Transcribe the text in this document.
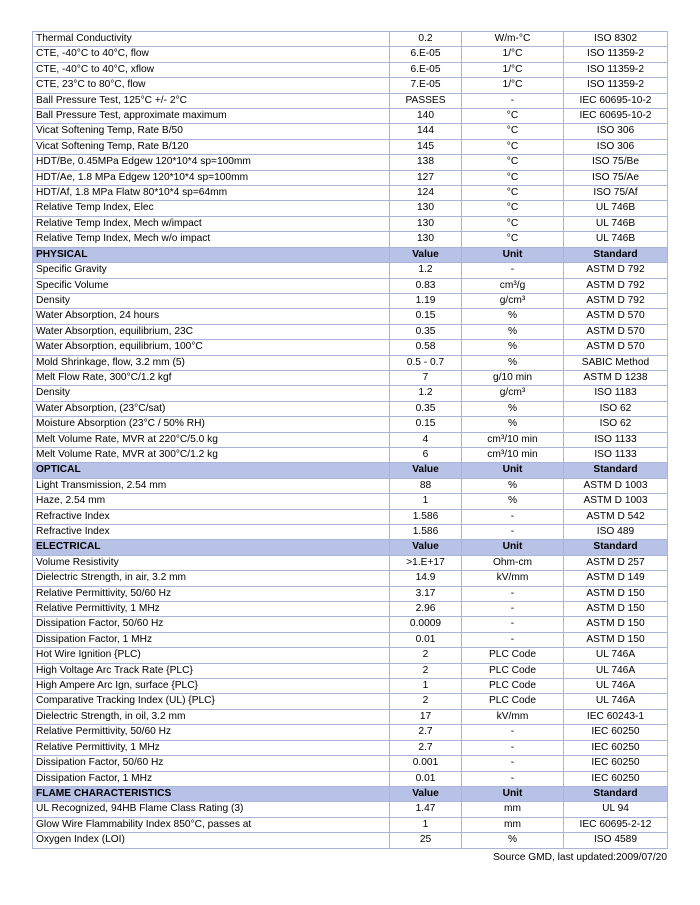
Thermal Conductivity	0.2	W/m-°C	ISO 8302
CTE, -40°C to 40°C, flow	6.E-05	1/°C	ISO 11359-2
CTE, -40°C to 40°C, xflow	6.E-05	1/°C	ISO 11359-2
CTE, 23°C to 80°C, flow	7.E-05	1/°C	ISO 11359-2
Ball Pressure Test, 125°C +/- 2°C	PASSES	-	IEC 60695-10-2
Ball Pressure Test, approximate maximum	140	°C	IEC 60695-10-2
Vicat Softening Temp, Rate B/50	144	°C	ISO 306
Vicat Softening Temp, Rate B/120	145	°C	ISO 306
HDT/Be, 0.45MPa Edgew 120*10*4 sp=100mm	138	°C	ISO 75/Be
HDT/Ae, 1.8 MPa Edgew 120*10*4 sp=100mm	127	°C	ISO 75/Ae
HDT/Af, 1.8 MPa Flatw 80*10*4 sp=64mm	124	°C	ISO 75/Af
Relative Temp Index, Elec	130	°C	UL 746B
Relative Temp Index, Mech w/impact	130	°C	UL 746B
Relative Temp Index, Mech w/o impact	130	°C	UL 746B
PHYSICAL	Value	Unit	Standard
Specific Gravity	1.2	-	ASTM D 792
Specific Volume	0.83	cm³/g	ASTM D 792
Density	1.19	g/cm³	ASTM D 792
Water Absorption, 24 hours	0.15	%	ASTM D 570
Water Absorption, equilibrium, 23C	0.35	%	ASTM D 570
Water Absorption, equilibrium, 100°C	0.58	%	ASTM D 570
Mold Shrinkage, flow, 3.2 mm (5)	0.5 - 0.7	%	SABIC Method
Melt Flow Rate, 300°C/1.2 kgf	7	g/10 min	ASTM D 1238
Density	1.2	g/cm³	ISO 1183
Water Absorption, (23°C/sat)	0.35	%	ISO 62
Moisture Absorption (23°C / 50% RH)	0.15	%	ISO 62
Melt Volume Rate, MVR at 220°C/5.0 kg	4	cm³/10 min	ISO 1133
Melt Volume Rate, MVR at 300°C/1.2 kg	6	cm³/10 min	ISO 1133
OPTICAL	Value	Unit	Standard
Light Transmission, 2.54 mm	88	%	ASTM D 1003
Haze, 2.54 mm	1	%	ASTM D 1003
Refractive Index	1.586	-	ASTM D 542
Refractive Index	1.586	-	ISO 489
ELECTRICAL	Value	Unit	Standard
Volume Resistivity	>1.E+17	Ohm-cm	ASTM D 257
Dielectric Strength, in air, 3.2 mm	14.9	kV/mm	ASTM D 149
Relative Permittivity, 50/60 Hz	3.17	-	ASTM D 150
Relative Permittivity, 1 MHz	2.96	-	ASTM D 150
Dissipation Factor, 50/60 Hz	0.0009	-	ASTM D 150
Dissipation Factor, 1 MHz	0.01	-	ASTM D 150
Hot Wire Ignition {PLC)	2	PLC Code	UL 746A
High Voltage Arc Track Rate {PLC}	2	PLC Code	UL 746A
High Ampere Arc Ign, surface {PLC}	1	PLC Code	UL 746A
Comparative Tracking Index (UL) {PLC}	2	PLC Code	UL 746A
Dielectric Strength, in oil, 3.2 mm	17	kV/mm	IEC 60243-1
Relative Permittivity, 50/60 Hz	2.7	-	IEC 60250
Relative Permittivity, 1 MHz	2.7	-	IEC 60250
Dissipation Factor, 50/60 Hz	0.001	-	IEC 60250
Dissipation Factor, 1 MHz	0.01	-	IEC 60250
FLAME CHARACTERISTICS	Value	Unit	Standard
UL Recognized, 94HB Flame Class Rating (3)	1.47	mm	UL 94
Glow Wire Flammability Index 850°C, passes at	1	mm	IEC 60695-2-12
Oxygen Index (LOI)	25	%	ISO 4589
Source GMD, last updated:2009/07/20
